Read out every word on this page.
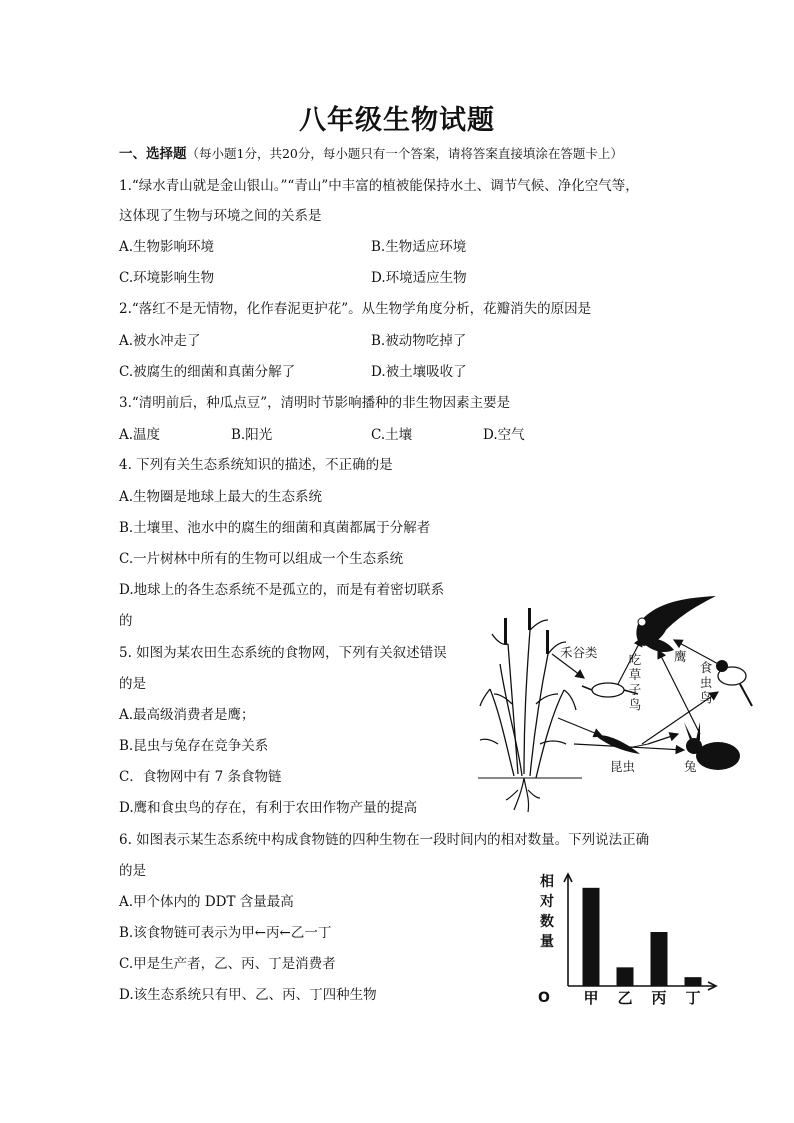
八年级生物试题
一、选择题（每小题1分，共20分，每小题只有一个答案，请将答案直接填涂在答题卡上）
1.“绿水青山就是金山银山。”“青山”中丰富的植被能保持水土、调节气候、净化空气等，
这体现了生物与环境之间的关系是
A.生物影响环境	B.生物适应环境
C.环境影响生物	D.环境适应生物
2.“落红不是无情物，化作春泥更护花”。从生物学角度分析，花瓣消失的原因是
A.被水冲走了	B.被动物吃掉了
C.被腐生的细菌和真菌分解了	D.被土壤吸收了
3.“清明前后，种瓜点豆”，清明时节影响播种的非生物因素主要是
A.温度	B.阳光	C.土壤	D.空气
4. 下列有关生态系统知识的描述，不正确的是
A.生物圈是地球上最大的生态系统
B.土壤里、池水中的腐生的细菌和真菌都属于分解者
C.一片树林中所有的生物可以组成一个生态系统
D.地球上的各生态系统不是孤立的，而是有着密切联系
的
5. 如图为某农田生态系统的食物网，下列有关叙述错误
的是
A.最高级消费者是鹰；
B.昆虫与兔存在竞争关系
C．食物网中有 7 条食物链
D.鹰和食虫鸟的存在，有利于农田作物产量的提高
6. 如图表示某生态系统中构成食物链的四种生物在一段时间内的相对数量。下列说法正确
的是
A.甲个体内的 DDT 含量最高
B.该食物链可表示为甲←丙←乙一丁
C.甲是生产者，乙、丙、丁是消费者
D.该生态系统只有甲、乙、丙、丁四种生物
禾谷类	鹰
吃
草
子
鸟
食
虫
鸟
昆虫	兔
相
对
数
量
O 甲 乙 丙 丁
